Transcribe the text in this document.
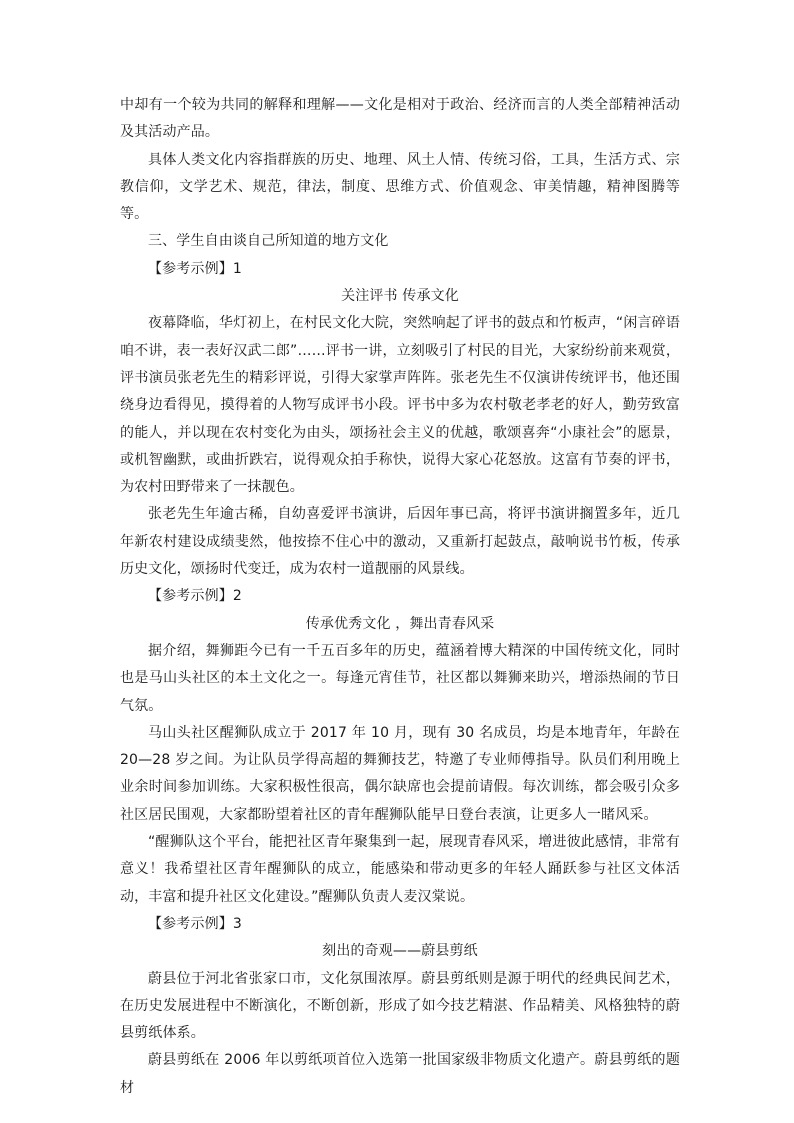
中却有一个较为共同的解释和理解——文化是相对于政治、经济而言的人类全部精神活动及其活动产品。

具体人类文化内容指群族的历史、地理、风土人情、传统习俗，工具，生活方式、宗教信仰，文学艺术、规范，律法，制度、思维方式、价值观念、审美情趣，精神图腾等等。

三、学生自由谈自己所知道的地方文化

【参考示例】1

关注评书 传承文化

夜幕降临，华灯初上，在村民文化大院，突然响起了评书的鼓点和竹板声，“闲言碎语咱不讲，表一表好汉武二郎”……评书一讲，立刻吸引了村民的目光，大家纷纷前来观赏，评书演员张老先生的精彩评说，引得大家掌声阵阵。张老先生不仅演讲传统评书，他还围绕身边看得见，摸得着的人物写成评书小段。评书中多为农村敬老孝老的好人，勤劳致富的能人，并以现在农村变化为由头，颂扬社会主义的优越，歌颂喜奔“小康社会”的愿景，或机智幽默，或曲折跌宕，说得观众拍手称快，说得大家心花怒放。这富有节奏的评书，为农村田野带来了一抹靓色。

张老先生年逾古稀，自幼喜爱评书演讲，后因年事已高，将评书演讲搁置多年，近几年新农村建设成绩斐然，他按捺不住心中的激动，又重新打起鼓点，敲响说书竹板，传承历史文化，颂扬时代变迁，成为农村一道靓丽的风景线。

【参考示例】2

传承优秀文化 ，舞出青春风采

据介绍，舞狮距今已有一千五百多年的历史，蕴涵着博大精深的中国传统文化，同时也是马山头社区的本土文化之一。每逢元宵佳节，社区都以舞狮来助兴，增添热闹的节日气氛。

马山头社区醒狮队成立于 2017 年 10 月，现有 30 名成员，均是本地青年，年龄在 20—28 岁之间。为让队员学得高超的舞狮技艺，特邀了专业师傅指导。队员们利用晚上业余时间参加训练。大家积极性很高，偶尔缺席也会提前请假。每次训练，都会吸引众多社区居民围观，大家都盼望着社区的青年醒狮队能早日登台表演，让更多人一睹风采。

“醒狮队这个平台，能把社区青年聚集到一起，展现青春风采，增进彼此感情，非常有意义！我希望社区青年醒狮队的成立，能感染和带动更多的年轻人踊跃参与社区文体活动，丰富和提升社区文化建设。”醒狮队负责人麦汉棠说。

【参考示例】3

刻出的奇观——蔚县剪纸

蔚县位于河北省张家口市，文化氛围浓厚。蔚县剪纸则是源于明代的经典民间艺术，在历史发展进程中不断演化，不断创新，形成了如今技艺精湛、作品精美、风格独特的蔚县剪纸体系。

蔚县剪纸在 2006 年以剪纸项首位入选第一批国家级非物质文化遗产。蔚县剪纸的题材
